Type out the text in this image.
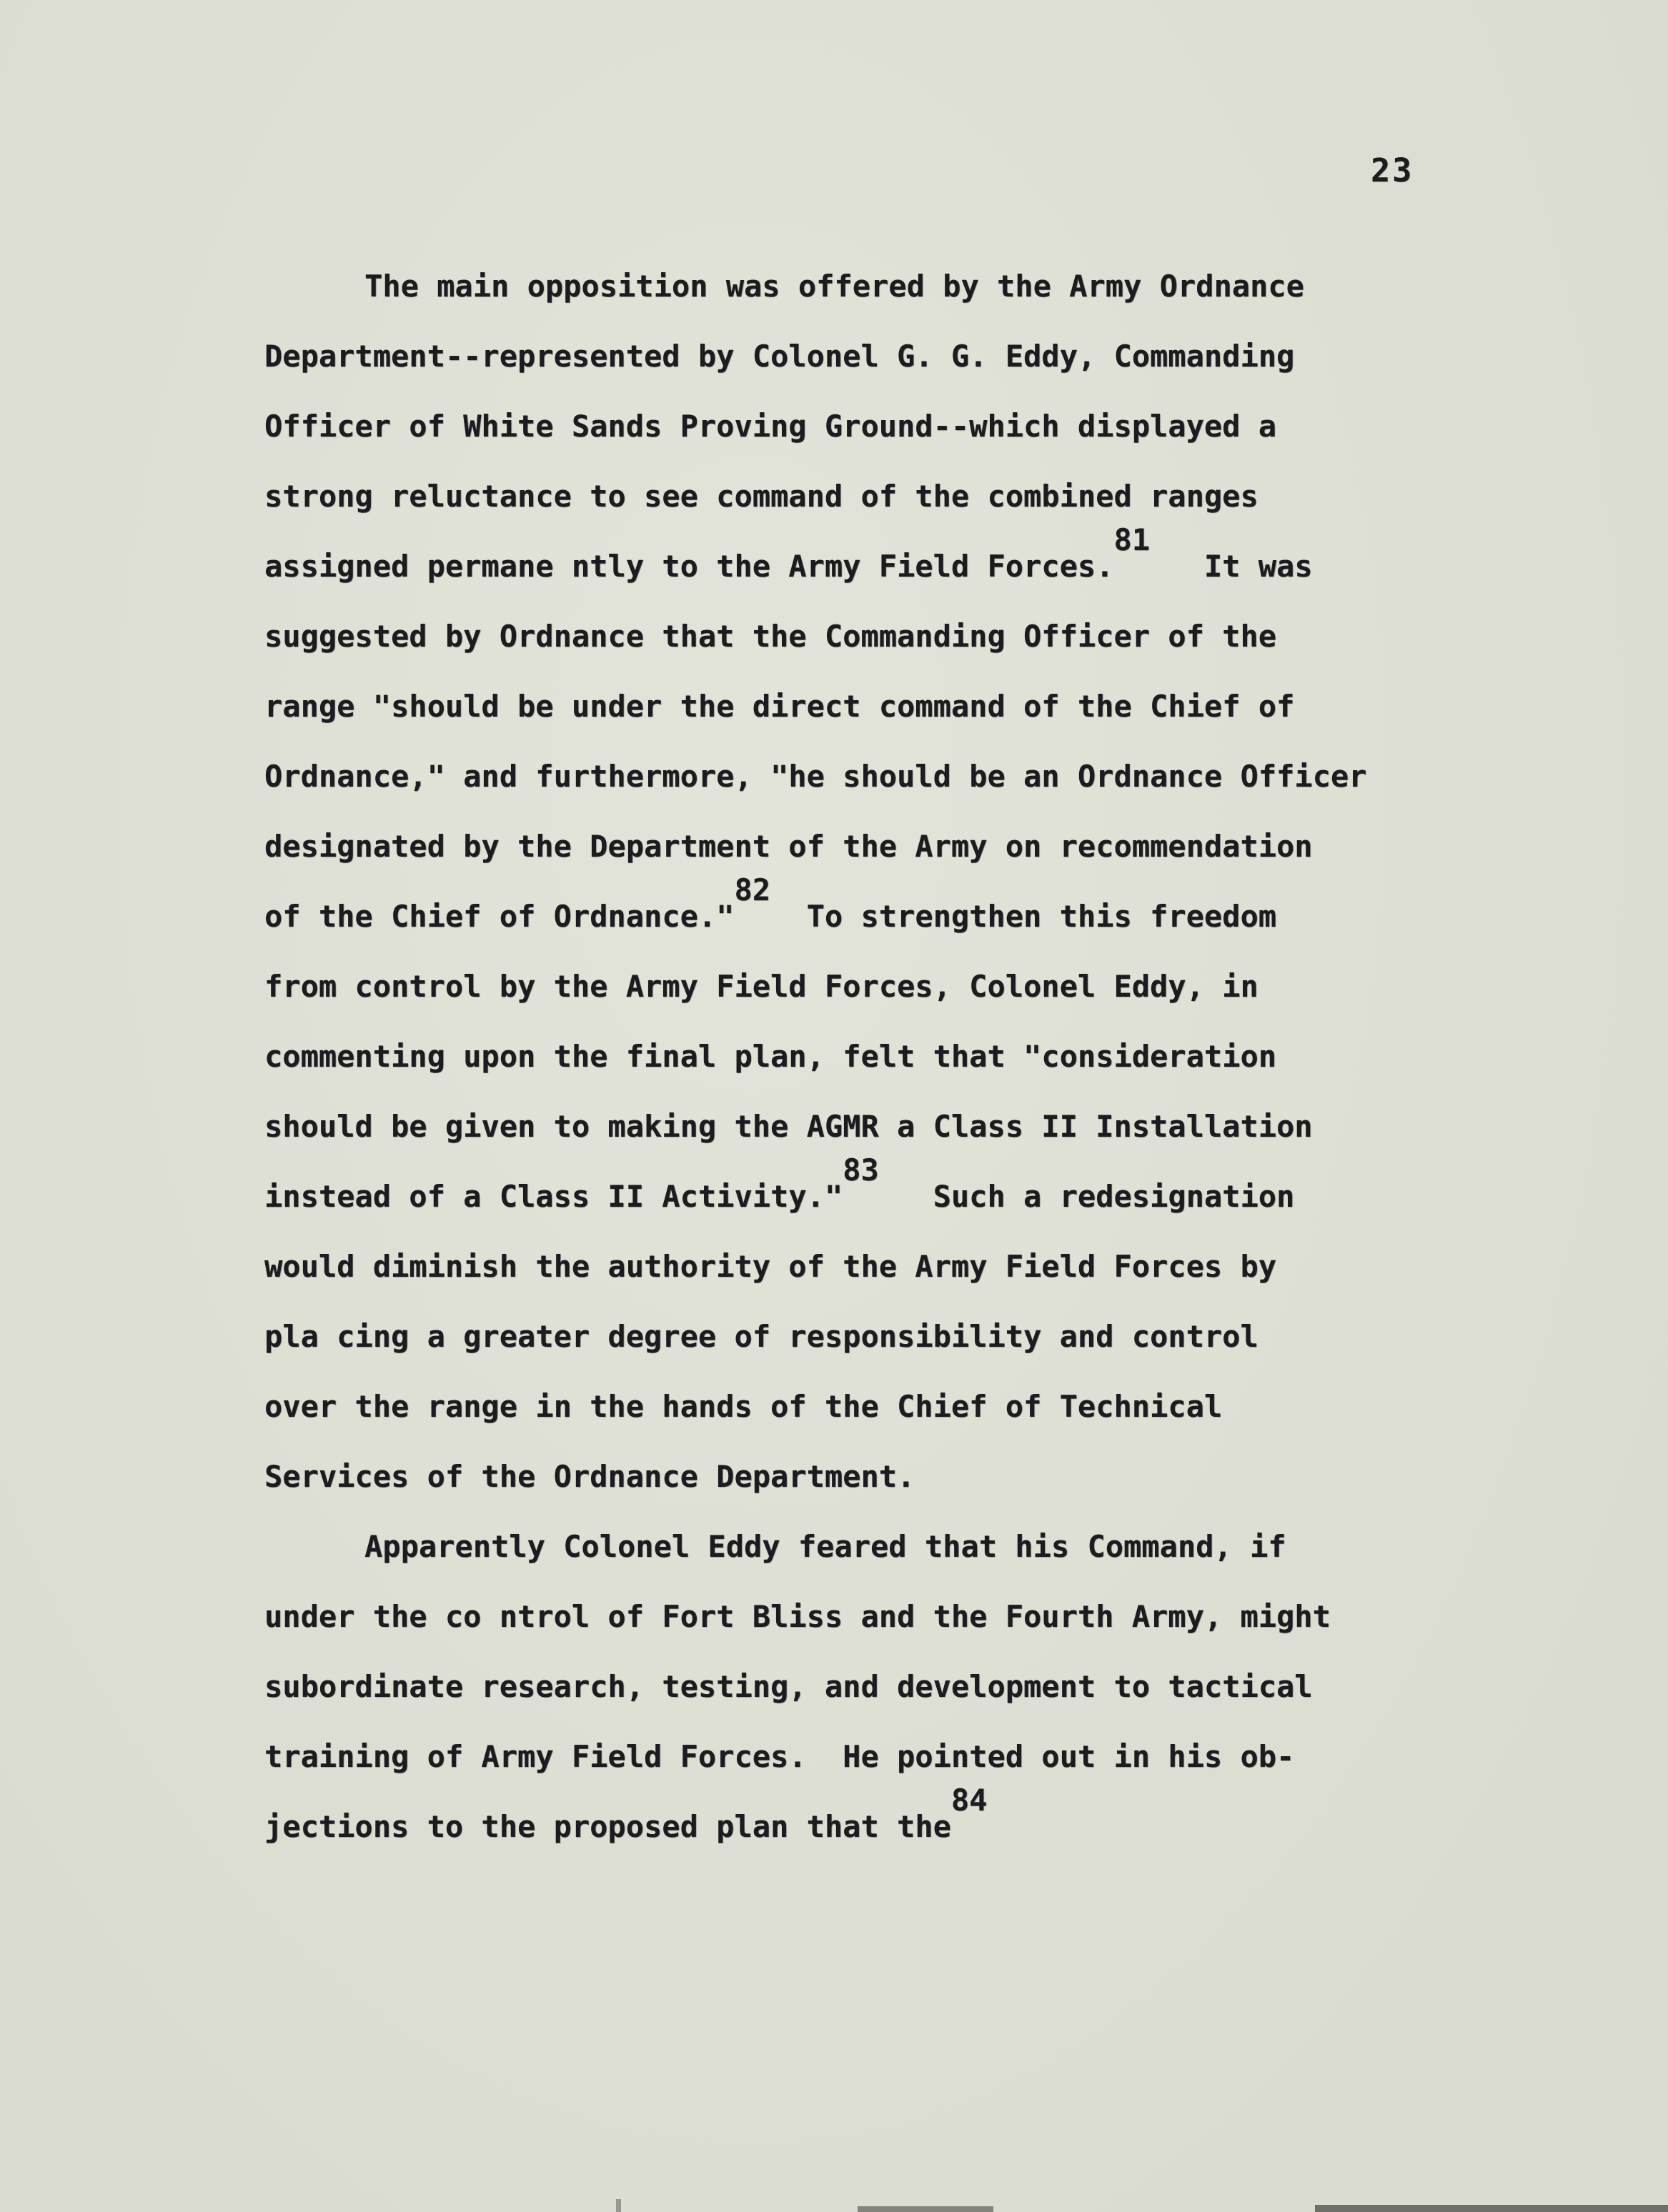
23
The main opposition was offered by the Army Ordnance
Department--represented by Colonel G. G. Eddy, Commanding
Officer of White Sands Proving Ground--which displayed a
strong reluctance to see command of the combined ranges
assigned permane ntly to the Army Field Forces.81   It was
suggested by Ordnance that the Commanding Officer of the
range "should be under the direct command of the Chief of
Ordnance," and furthermore, "he should be an Ordnance Officer
designated by the Department of the Army on recommendation
of the Chief of Ordnance."82  To strengthen this freedom
from control by the Army Field Forces, Colonel Eddy, in
commenting upon the final plan, felt that "consideration
should be given to making the AGMR a Class II Installation
instead of a Class II Activity."83   Such a redesignation
would diminish the authority of the Army Field Forces by
pla cing a greater degree of responsibility and control
over the range in the hands of the Chief of Technical
Services of the Ordnance Department.
Apparently Colonel Eddy feared that his Command, if
under the co ntrol of Fort Bliss and the Fourth Army, might
subordinate research, testing, and development to tactical
training of Army Field Forces.  He pointed out in his ob-
jections to the proposed plan that the84
